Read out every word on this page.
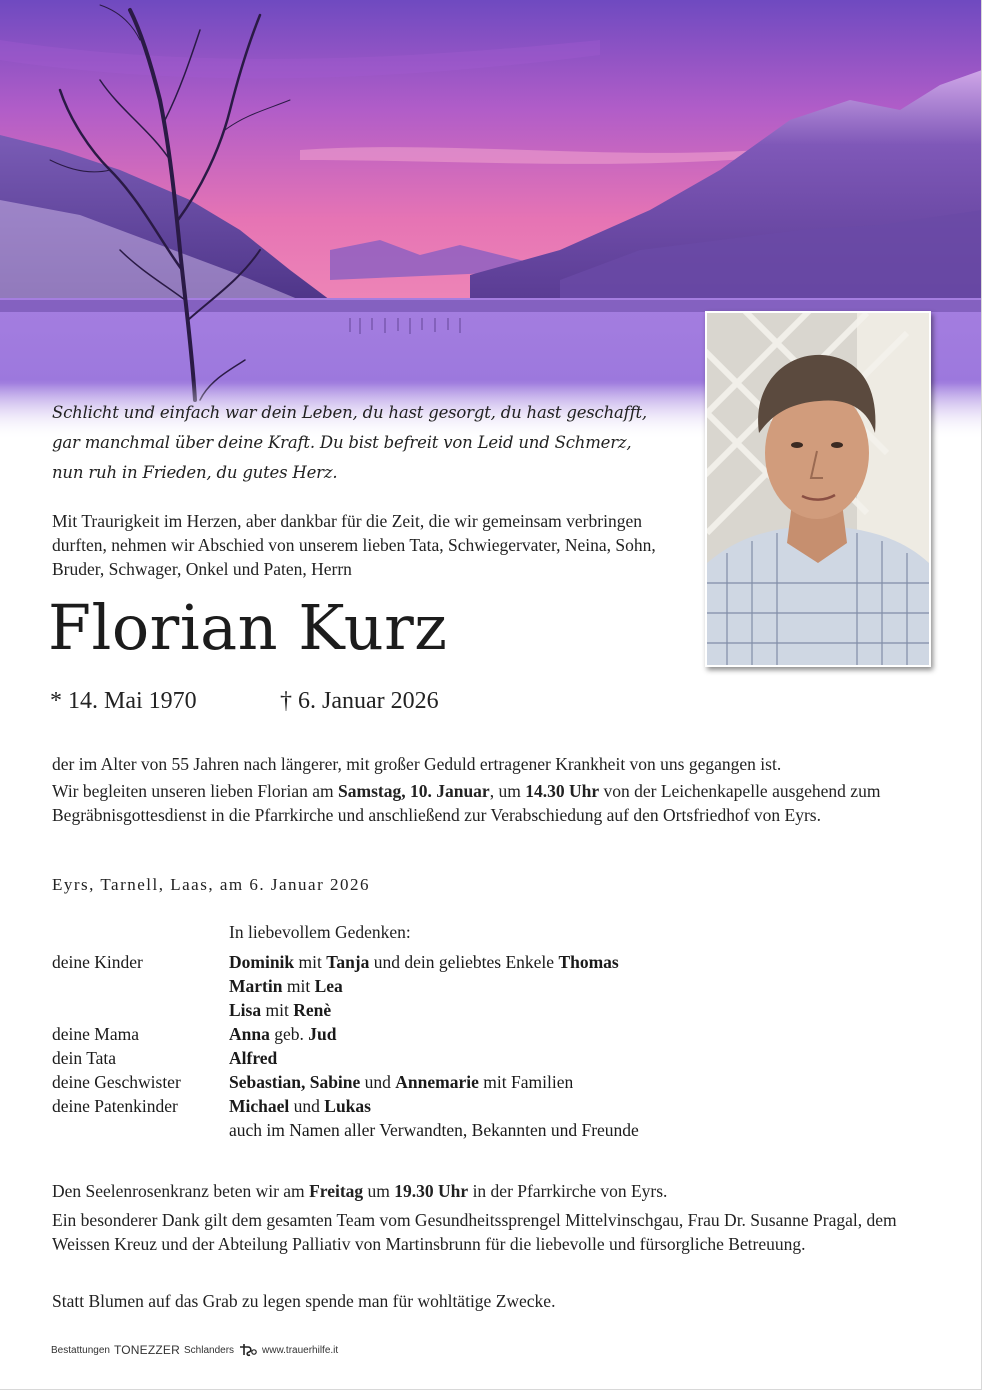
Schlicht und einfach war dein Leben, du hast gesorgt, du hast geschafft, gar manchmal über deine Kraft. Du bist befreit von Leid und Schmerz, nun ruh in Frieden, du gutes Herz.
Mit Traurigkeit im Herzen, aber dankbar für die Zeit, die wir gemeinsam verbringen durften, nehmen wir Abschied von unserem lieben Tata, Schwiegervater, Neina, Sohn, Bruder, Schwager, Onkel und Paten, Herrn
Florian Kurz
* 14. Mai 1970	† 6. Januar 2026
der im Alter von 55 Jahren nach längerer, mit großer Geduld ertragener Krankheit von uns gegangen ist.
Wir begleiten unseren lieben Florian am Samstag, 10. Januar, um 14.30 Uhr von der Leichenkapelle ausgehend zum Begräbnisgottesdienst in die Pfarrkirche und anschließend zur Verabschiedung auf den Ortsfriedhof von Eyrs.
Eyrs, Tarnell, Laas, am 6. Januar 2026
In liebevollem Gedenken:
deine Kinder	Dominik mit Tanja und dein geliebtes Enkele Thomas
Martin mit Lea
Lisa mit Renè
deine Mama	Anna geb. Jud
dein Tata	Alfred
deine Geschwister	Sebastian, Sabine und Annemarie mit Familien
deine Patenkinder	Michael und Lukas
auch im Namen aller Verwandten, Bekannten und Freunde
Den Seelenrosenkranz beten wir am Freitag um 19.30 Uhr in der Pfarrkirche von Eyrs.
Ein besonderer Dank gilt dem gesamten Team vom Gesundheitssprengel Mittelvinschgau, Frau Dr. Susanne Pragal, dem Weissen Kreuz und der Abteilung Palliativ von Martinsbrunn für die liebevolle und fürsorgliche Betreuung.
Statt Blumen auf das Grab zu legen spende man für wohltätige Zwecke.
Bestattungen TONEZZER Schlanders	www.trauerhilfe.it
